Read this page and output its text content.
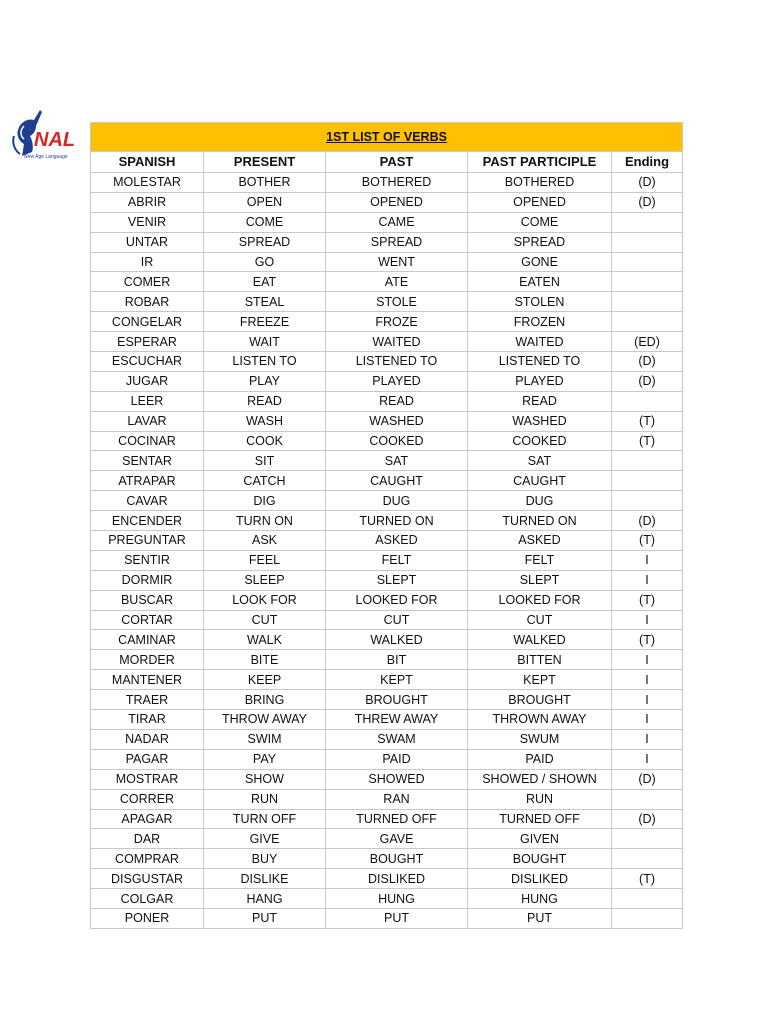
NAL
New Age Language
1ST LIST OF VERBS				
SPANISH	PRESENT	PAST	PAST PARTICIPLE	Ending
MOLESTAR	BOTHER	BOTHERED	BOTHERED	(D)
ABRIR	OPEN	OPENED	OPENED	(D)
VENIR	COME	CAME	COME	
UNTAR	SPREAD	SPREAD	SPREAD	
IR	GO	WENT	GONE	
COMER	EAT	ATE	EATEN	
ROBAR	STEAL	STOLE	STOLEN	
CONGELAR	FREEZE	FROZE	FROZEN	
ESPERAR	WAIT	WAITED	WAITED	(ED)
ESCUCHAR	LISTEN TO	LISTENED TO	LISTENED TO	(D)
JUGAR	PLAY	PLAYED	PLAYED	(D)
LEER	READ	READ	READ	
LAVAR	WASH	WASHED	WASHED	(T)
COCINAR	COOK	COOKED	COOKED	(T)
SENTAR	SIT	SAT	SAT	
ATRAPAR	CATCH	CAUGHT	CAUGHT	
CAVAR	DIG	DUG	DUG	
ENCENDER	TURN ON	TURNED ON	TURNED ON	(D)
PREGUNTAR	ASK	ASKED	ASKED	(T)
SENTIR	FEEL	FELT	FELT	I
DORMIR	SLEEP	SLEPT	SLEPT	I
BUSCAR	LOOK FOR	LOOKED FOR	LOOKED FOR	(T)
CORTAR	CUT	CUT	CUT	I
CAMINAR	WALK	WALKED	WALKED	(T)
MORDER	BITE	BIT	BITTEN	I
MANTENER	KEEP	KEPT	KEPT	I
TRAER	BRING	BROUGHT	BROUGHT	I
TIRAR	THROW AWAY	THREW AWAY	THROWN AWAY	I
NADAR	SWIM	SWAM	SWUM	I
PAGAR	PAY	PAID	PAID	I
MOSTRAR	SHOW	SHOWED	SHOWED / SHOWN	(D)
CORRER	RUN	RAN	RUN	
APAGAR	TURN OFF	TURNED OFF	TURNED OFF	(D)
DAR	GIVE	GAVE	GIVEN	
COMPRAR	BUY	BOUGHT	BOUGHT	
DISGUSTAR	DISLIKE	DISLIKED	DISLIKED	(T)
COLGAR	HANG	HUNG	HUNG	
PONER	PUT	PUT	PUT	
